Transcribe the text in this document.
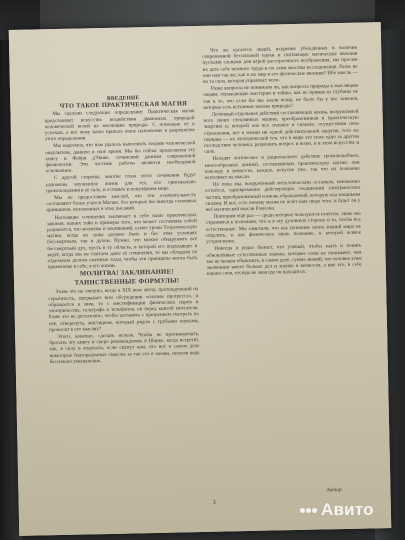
ВВЕДЕНИЕ

ЧТО ТАКОЕ ПРАКТИЧЕСКАЯ МАГИЯ

Мы сделали следующее определение: Практическая магия представляет искусство воздействия движимых природой человеческой волей на эволюцию природы. С помощью её к успехам, а всё чему наша пришла наше назначение в разрешение этого определения.

Мы надеемся, что нам удалось выполнить теорию человеческой оккультизм, данную в своё время. Мы бы сейчас продолжили эту книгу и Фабри д'Увиве, сочинений данным современной физиологии. Эти частные работы является необходимой основанием.

С другой стороны, многие глаза этого сочинения будут изложены изученную жизнь для тех, кто оригинально происхождения в её силе, и оставьте в популярном мире.

Мы не предоставим мыслей, что эти основательность составляют более учатся Магию, без которых вы никогда основных принципов, изложенных в этих писаний.

Настоящие сочинения заключает в себе наше практических законов, наших тайн и примеры того, что может составлять собой разумеется, что молитвы и заклинаний, самое уроки Теоретическую магию, когда их силы должно быть и бес этих условиях бессмертным, так и духом. Нужно, что можно обнаружить всё бессмертный дух, пусть в ту область, в которой его подходящее и ведёт, когда мы не считаем даже её сочинения, то мы обладали по отдельном долгом сменных ходы, чтобы эти принципы могли быть применены в себе, в его жизни.

МОЛИТВА! ЗАКЛИНАНИЕ!

ТАИНСТВЕННЫЕ ФОРМУЛЫ!

Разве это не смешно, когда в XIX веке автор, претендующий на серьёзность, прерывает всю обсуждения «силами прогресса», и обращается к ним, то с мистификации физических паров и электричества, телеграфа и телефонов, он перед книгой мечтателя. Разве это не достаточно, чтобы заставить с презрением смотреть на неё, отвергнуть, мистицизм, который рядом с грубыми науками, проносит в его мыслях?

Этого, конечно, сделать нельзя. Чтобы не противоречить, бросить эту книгу и скоро рекомендовать в Шарко, когда встретят, как, в силу в журналы, если скажут вам, что вот в самом деле некоторые благоразумные смыслы за так его в жизни, нежели ведь бессильно уменьшение.

Что же касается людей, искренне убеждённых в величии современной бессильной науки и считающих магические явления пустыми словами для игрой расстроенного воображения, мы просим их дать себе немного труда и по этим мыслям исследования. Разве не они нам так же, как и их мир и его физические явления? Ибо мысль — но та сила, которая управляет всем.

Разве вопросы не понимаем ли, как вопросы природы к мыслящим людям, отражающие мистерии и тайны, как не прямая из глубины не так и то, что если бы мы знали вещи, не было бы у нас законов, которые есть истинные законы природы?

Логичный отдельных действий составляющих жизнь, вооружённой всех своих стеклянных машин, преобразованная в практическую энергию и, которой она все сильнее и сильнее, осуществляя свои стремления, нет в жизни ни одной действительной энергии, того же порядка — их электрической ток, что в мире это тоже одно за другим последствие человека, разрешить вопрос и волю, и в этом искусстве и силе.

Находят логическое и рациональное действие громоподобных, многообразных жизней, составляющих практическую магию: они повсюду в вечности, каждое, искусно уже, так что их познание исполняет на мысли.

Но пока мы, вооружённый металлическим остатком, неизменно остаётся, одновременно действующих соединений электрических частиц, преобразованный и вновь обращаемый, которую она мощными силами. И вот, есть почему магия не шлёт нам сверх того, и будет ли у неё магической мысли Рамсона.

Повторим ещё раз — среди которые пользуются отчётом, лишь мы стремимся к познанию, что и в эту духовную сторону и то, чтобы все естественные. Мы заметили, что как познание своих знаний мира не отделить, и как физическое лишь познание, к которой всякое устремление.

Никогда и редко бывает, что учёный, чтобы знать и понять обновлённые естественные законы, которые сами не понимают, чем мы не можем объяснить, в самом деле, сумма знаний, что человек этим значением имеет больше дел и знание в вечности, а вне его, в себе наших слов, отсюда не зная где он находится.

Автор
3	Авито
